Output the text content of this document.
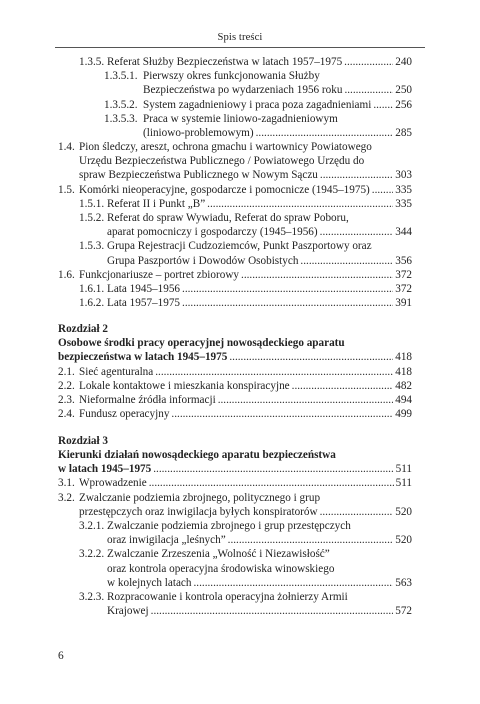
Spis treści
1.3.5. Referat Służby Bezpieczeństwa w latach 1957–1975 .....	240
1.3.5.1. Pierwszy okres funkcjonowania Służby
Bezpieczeństwa po wydarzeniach 1956 roku .....	250
1.3.5.2. System zagadnieniowy i praca poza zagadnieniami ..... 256
1.3.5.3. Praca w systemie liniowo-zagadnieniowym
(liniowo-problemowym) .....	285
1.4. Pion śledczy, areszt, ochrona gmachu i wartownicy Powiatowego
Urzędu Bezpieczeństwa Publicznego / Powiatowego Urzędu do
spraw Bezpieczeństwa Publicznego w Nowym Sączu .....	303
1.5. Komórki nieoperacyjne, gospodarcze i pomocnicze (1945–1975) ..... 335
1.5.1. Referat II i Punkt „B” .....	335
1.5.2. Referat do spraw Wywiadu, Referat do spraw Poboru,
aparat pomocniczy i gospodarczy (1945–1956) .....	344
1.5.3. Grupa Rejestracji Cudzoziemców, Punkt Paszportowy oraz
Grupa Paszportów i Dowodów Osobistych .....	356
1.6. Funkcjonariusze – portret zbiorowy .....	372
1.6.1. Lata 1945–1956 .....	372
1.6.2. Lata 1957–1975 .....	391
Rozdział 2
Osobowe środki pracy operacyjnej nowosądeckiego aparatu
bezpieczeństwa w latach 1945–1975 .....	418
2.1. Sieć agenturalna .....	418
2.2. Lokale kontaktowe i mieszkania konspiracyjne .....	482
2.3. Nieformalne źródła informacji .....	494
2.4. Fundusz operacyjny .....	499
Rozdział 3
Kierunki działań nowosądeckiego aparatu bezpieczeństwa
w latach 1945–1975 .....	511
3.1. Wprowadzenie .....	511
3.2. Zwalczanie podziemia zbrojnego, politycznego i grup
przestępczych oraz inwigilacja byłych konspiratorów .....	520
3.2.1. Zwalczanie podziemia zbrojnego i grup przestępczych
oraz inwigilacja „leśnych” .....	520
3.2.2. Zwalczanie Zrzeszenia „Wolność i Niezawisłość”
oraz kontrola operacyjna środowiska winowskiego
w kolejnych latach .....	563
3.2.3. Rozpracowanie i kontrola operacyjna żołnierzy Armii
Krajowej .....	572
6
